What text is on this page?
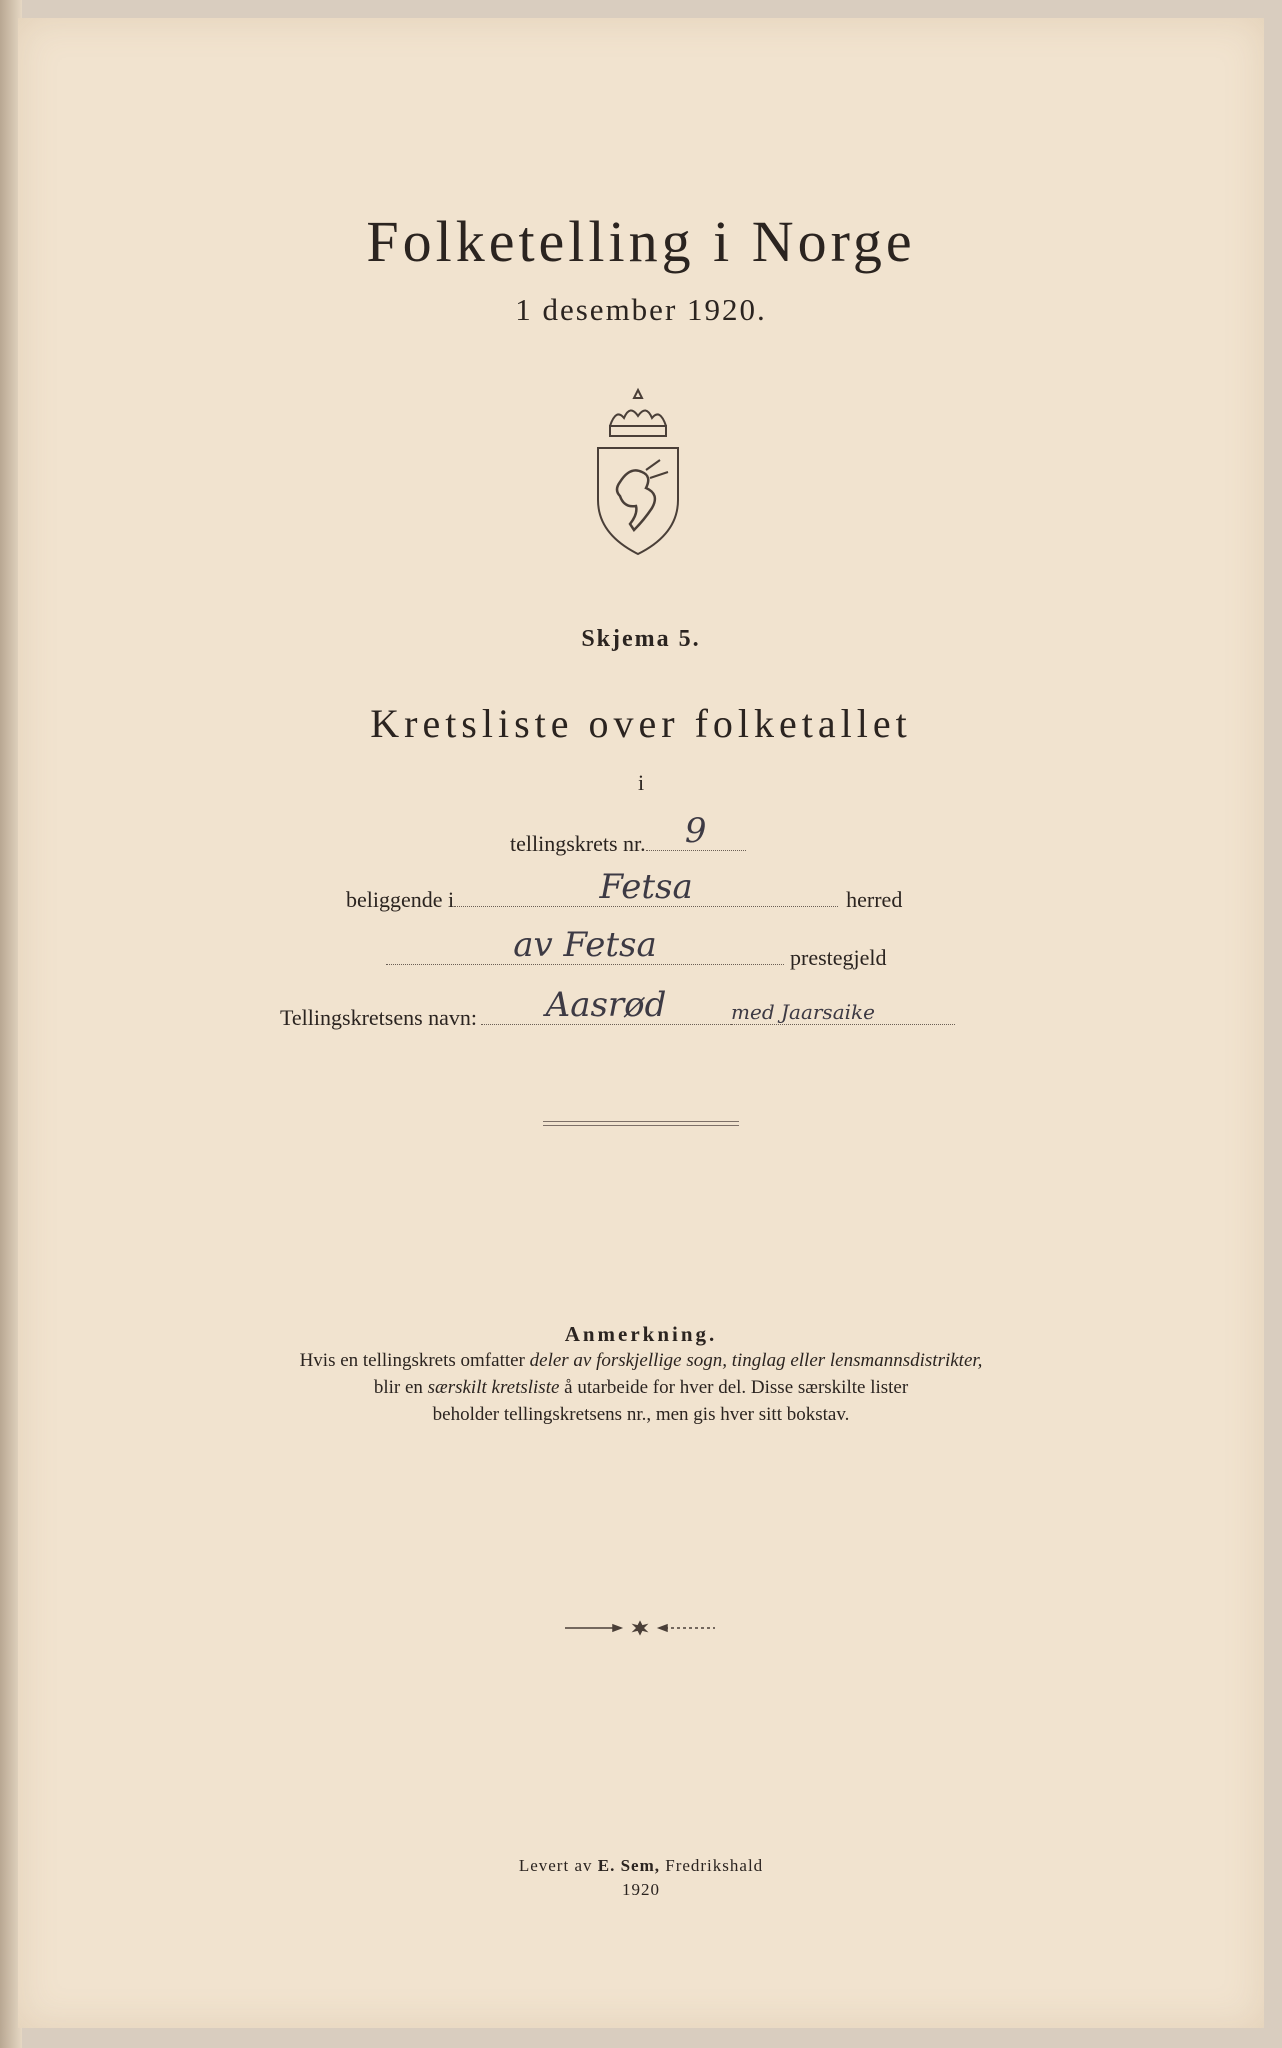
Folketelling i Norge
1 desember 1920.
Skjema 5.
Kretsliste over folketallet
i
tellingskrets nr.	9
beliggende i	Fetsa	herred
av Fetsa	prestegjeld
Tellingskretsens navn:	Aasrød	med Jaarsaike
Anmerkning.
Hvis en tellingskrets omfatter deler av forskjellige sogn, tinglag eller lensmannsdistrikter,
blir en særskilt kretsliste å utarbeide for hver del. Disse særskilte lister
beholder tellingskretsens nr., men gis hver sitt bokstav.
Levert av E. Sem, Fredrikshald
1920
